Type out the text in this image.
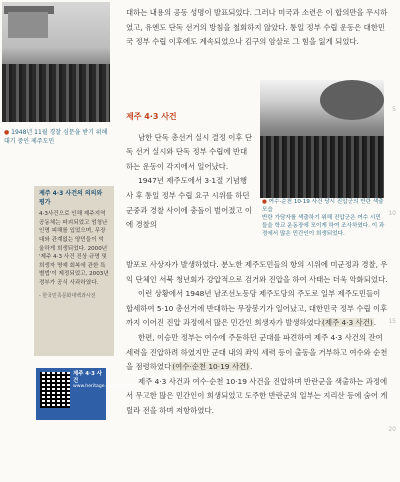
● 1948년 11월 경찰 심문을 받기 위해 대기 중인 제주도민
제주 4·3 사건의 의의와 평가
4·3사건으로 인해 제주지역 공동체는 파괴되었고 엄청난 인명 피해를 입었으며, 무장대와 관계없는 양민들이 억울하게 희생되었다. 2000년 '제주 4·3 사건 진상 규명 및 희생자 명예 회복에 관한 특별법'이 제정되었고, 2003년 정부가 공식 사과하였다.
- 한국민족문화대백과사전
제주 4·3 사건
www.heritage.go.kr/heri/cul/...

대하는 내용의 공동 성명이 발표되었다. 그러나 미국과 소련은 이 합의만을 무시하였고, 유엔도 단독 선거의 방침을 철회하지 않았다. 통일 정부 수립 운동은 대한민국 정부 수립 이후에도 계속되었으나 김구의 암살로 그 힘을 잃게 되었다.

제주 4·3 사건

남한 단독 총선거 실시 결정 이후 단독 선거 실시와 단독 정부 수립에 반대하는 운동이 각지에서 일어났다.

1947년 제주도에서 3·1절 기념행사 후 통일 정부 수립 요구 시위를 하던 군중과 경찰 사이에 충돌이 벌어졌고 이에 경찰의

● 여수·순천 10·19 사건 당시 진압군의 반란 색출 모습
반란 가담자를 색출하기 위해 진압군은 여수 시민들을 학교 운동장에 모이게 하여 조사하였다. 이 과정에서 많은 민간인이 희생되었다.

발포로 사상자가 발생하였다. 분노한 제주도민들의 항의 시위에 미군정과 경찰, 우익 단체인 서북 청년회가 강압적으로 검거와 진압을 하여 사태는 더욱 악화되었다.

이런 상황에서 1948년 남조선노동당 제주도당의 주도로 일부 제주도민들이 합세하여 5·10 총선거에 반대하는 무장봉기가 일어났고, 대한민국 정부 수립 이후까지 이어진 진압 과정에서 많은 민간인 희생자가 발생하였다(제주 4·3 사건).

한편, 이승만 정부는 여수에 주둔하던 군대를 파견하여 제주 4·3 사건의 잔여 세력을 진압하려 하였지만 군대 내의 좌익 세력 등이 출동을 거부하고 여수와 순천을 점령하였다(여수·순천 10·19 사건).

제주 4·3 사건과 여수·순천 10·19 사건을 진압하며 반란군을 색출하는 과정에서 무고한 많은 민간인이 희생되었고 도주한 반란군의 일부는 지리산 등에 숨어 게릴라 전을 하며 저항하였다.

5
10
15
20
